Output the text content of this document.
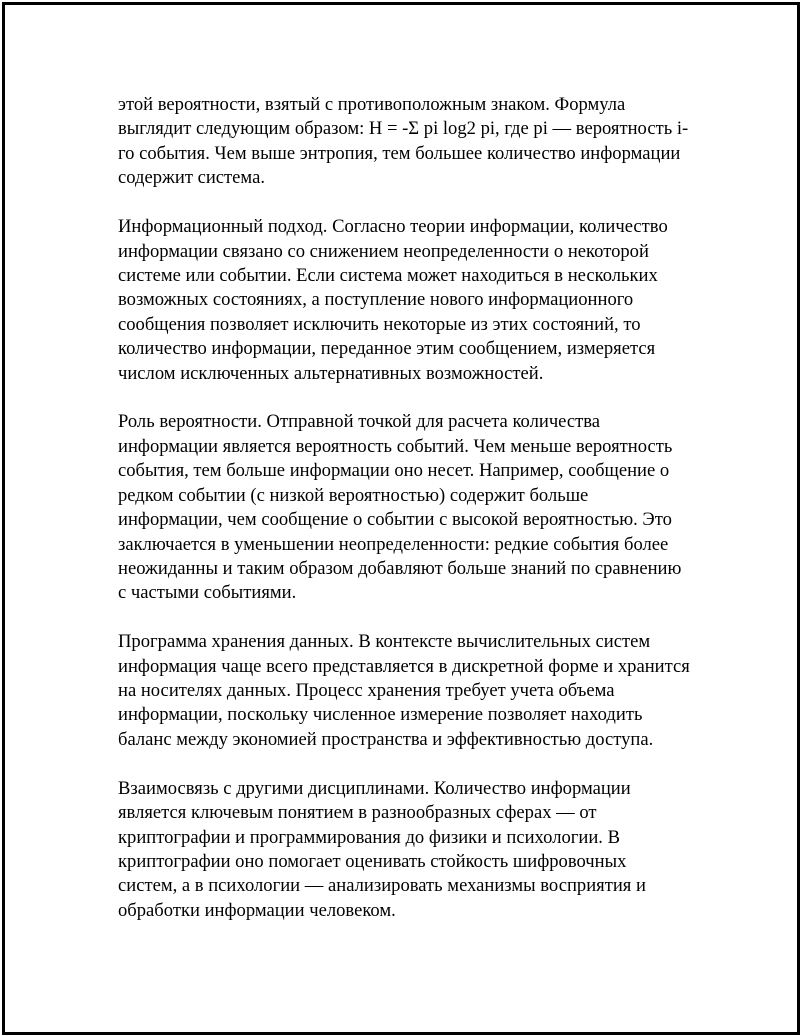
этой вероятности, взятый с противоположным знаком. Формула
выглядит следующим образом: H = -Σ pi log2 pi, где pi — вероятность i-
го события. Чем выше энтропия, тем большее количество информации
содержит система.

Информационный подход. Согласно теории информации, количество
информации связано со снижением неопределенности о некоторой
системе или событии. Если система может находиться в нескольких
возможных состояниях, а поступление нового информационного
сообщения позволяет исключить некоторые из этих состояний, то
количество информации, переданное этим сообщением, измеряется
числом исключенных альтернативных возможностей.

Роль вероятности. Отправной точкой для расчета количества
информации является вероятность событий. Чем меньше вероятность
события, тем больше информации оно несет. Например, сообщение о
редком событии (с низкой вероятностью) содержит больше
информации, чем сообщение о событии с высокой вероятностью. Это
заключается в уменьшении неопределенности: редкие события более
неожиданны и таким образом добавляют больше знаний по сравнению
с частыми событиями.

Программа хранения данных. В контексте вычислительных систем
информация чаще всего представляется в дискретной форме и хранится
на носителях данных. Процесс хранения требует учета объема
информации, поскольку численное измерение позволяет находить
баланс между экономией пространства и эффективностью доступа.

Взаимосвязь с другими дисциплинами. Количество информации
является ключевым понятием в разнообразных сферах — от
криптографии и программирования до физики и психологии. В
криптографии оно помогает оценивать стойкость шифровочных
систем, а в психологии — анализировать механизмы восприятия и
обработки информации человеком.
